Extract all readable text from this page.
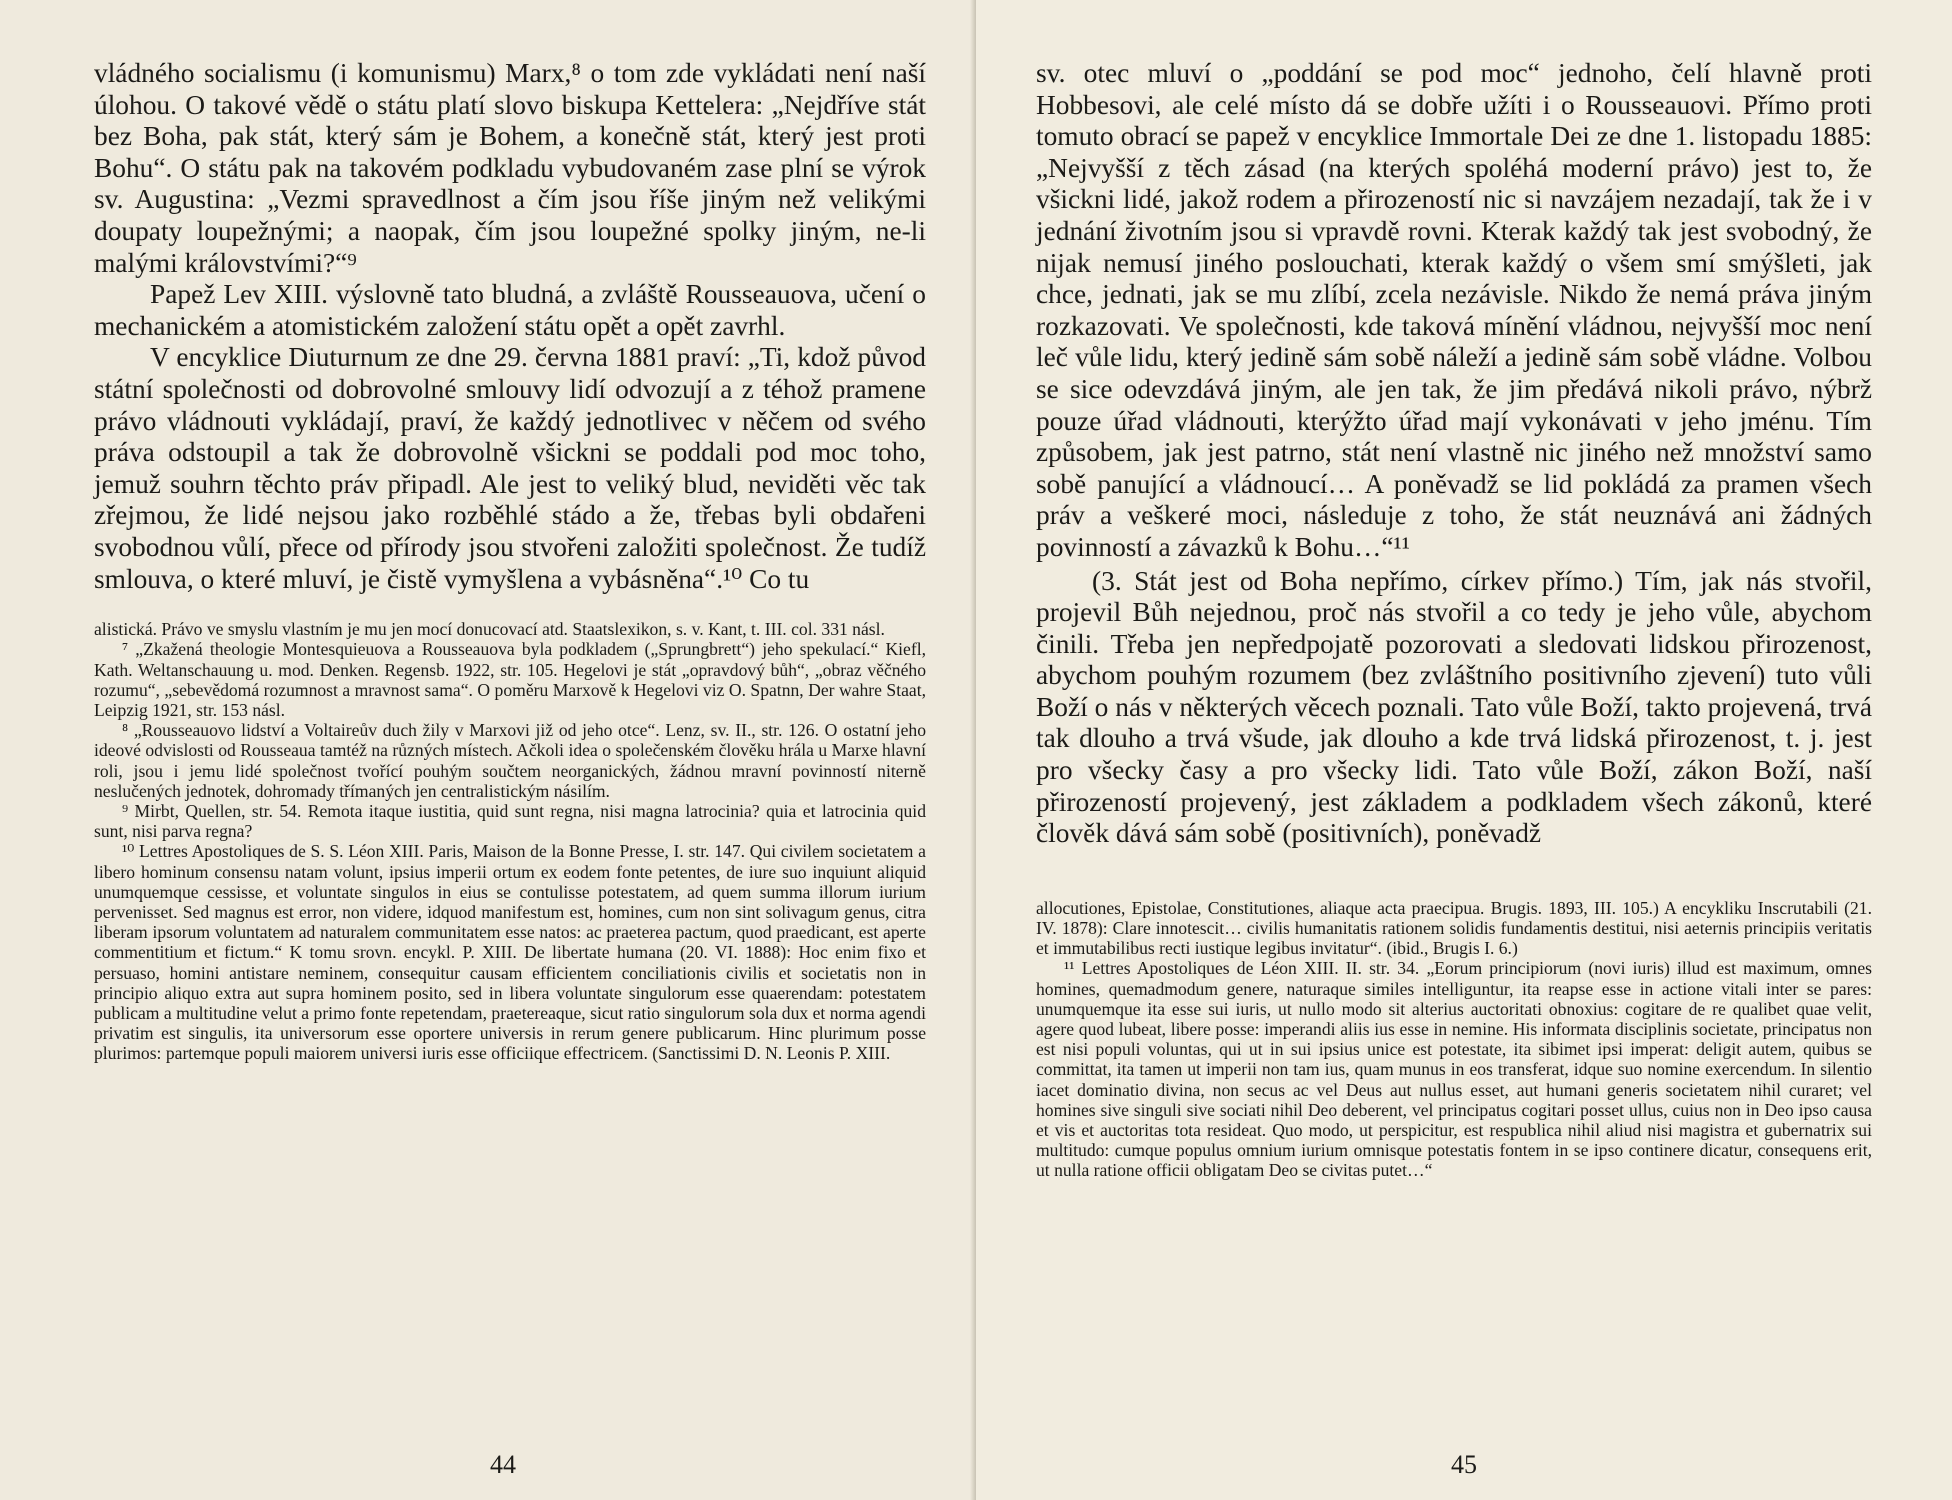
vládného socialismu (i komunismu) Marx,⁸ o tom zde vykládati není naší úlohou. O takové vědě o státu platí slovo biskupa Kettelera: „Nejdříve stát bez Boha, pak stát, který sám je Bohem, a konečně stát, který jest proti Bohu“. O státu pak na takovém podkladu vybudovaném zase plní se výrok sv. Augustina: „Vezmi spravedlnost a čím jsou říše jiným než velikými doupaty loupežnými; a naopak, čím jsou loupežné spolky jiným, ne-li malými královstvími?“⁹

Papež Lev XIII. výslovně tato bludná, a zvláště Rousseauova, učení o mechanickém a atomistickém založení státu opět a opět zavrhl.

V encyklice Diuturnum ze dne 29. června 1881 praví: „Ti, kdož původ státní společnosti od dobrovolné smlouvy lidí odvozují a z téhož pramene právo vládnouti vykládají, praví, že každý jednotlivec v něčem od svého práva odstoupil a tak že dobrovolně všickni se poddali pod moc toho, jemuž souhrn těchto práv připadl. Ale jest to veliký blud, neviděti věc tak zřejmou, že lidé nejsou jako rozběhlé stádo a že, třebas byli obdařeni svobodnou vůlí, přece od přírody jsou stvořeni založiti společnost. Že tudíž smlouva, o které mluví, je čistě vymyšlena a vybásněna“.¹⁰ Co tu

alistická. Právo ve smyslu vlastním je mu jen mocí donucovací atd. Staatslexikon, s. v. Kant, t. III. col. 331 násl.

⁷ „Zkažená theologie Montesquieuova a Rousseauova byla podkladem („Sprungbrett“) jeho spekulací.“ Kiefl, Kath. Weltanschauung u. mod. Denken. Regensb. 1922, str. 105. Hegelovi je stát „opravdový bůh“, „obraz věčného rozumu“, „sebevědomá rozumnost a mravnost sama“. O poměru Marxově k Hegelovi viz O. Spatnn, Der wahre Staat, Leipzig 1921, str. 153 násl.

⁸ „Rousseauovo lidství a Voltaireův duch žily v Marxovi již od jeho otce“. Lenz, sv. II., str. 126. O ostatní jeho ideové odvislosti od Rousseaua tamtéž na různých místech. Ačkoli idea o společenském člověku hrála u Marxe hlavní roli, jsou i jemu lidé společnost tvořící pouhým součtem neorganických, žádnou mravní povinností niterně neslučených jednotek, dohromady třímaných jen centralistickým násilím.

⁹ Mirbt, Quellen, str. 54. Remota itaque iustitia, quid sunt regna, nisi magna latrocinia? quia et latrocinia quid sunt, nisi parva regna?

¹⁰ Lettres Apostoliques de S. S. Léon XIII. Paris, Maison de la Bonne Presse, I. str. 147. Qui civilem societatem a libero hominum consensu natam volunt, ipsius imperii ortum ex eodem fonte petentes, de iure suo inquiunt aliquid unumquemque cessisse, et voluntate singulos in eius se contulisse potestatem, ad quem summa illorum iurium pervenisset. Sed magnus est error, non videre, idquod manifestum est, homines, cum non sint solivagum genus, citra liberam ipsorum voluntatem ad naturalem communitatem esse natos: ac praeterea pactum, quod praedicant, est aperte commentitium et fictum.“ K tomu srovn. encykl. P. XIII. De libertate humana (20. VI. 1888): Hoc enim fixo et persuaso, homini antistare neminem, consequitur causam efficientem conciliationis civilis et societatis non in principio aliquo extra aut supra hominem posito, sed in libera voluntate singulorum esse quaerendam: potestatem publicam a multitudine velut a primo fonte repetendam, praetereaque, sicut ratio singulorum sola dux et norma agendi privatim est singulis, ita universorum esse oportere universis in rerum genere publicarum. Hinc plurimum posse plurimos: partemque populi maiorem universi iuris esse officiique effectricem. (Sanctissimi D. N. Leonis P. XIII.

44

sv. otec mluví o „poddání se pod moc“ jednoho, čelí hlavně proti Hobbesovi, ale celé místo dá se dobře užíti i o Rousseauovi. Přímo proti tomuto obrací se papež v encyklice Immortale Dei ze dne 1. listopadu 1885: „Nejvyšší z těch zásad (na kterých spoléhá moderní právo) jest to, že všickni lidé, jakož rodem a přirozeností nic si navzájem nezadají, tak že i v jednání životním jsou si vpravdě rovni. Kterak každý tak jest svobodný, že nijak nemusí jiného poslouchati, kterak každý o všem smí smýšleti, jak chce, jednati, jak se mu zlíbí, zcela nezávisle. Nikdo že nemá práva jiným rozkazovati. Ve společnosti, kde taková mínění vládnou, nejvyšší moc není leč vůle lidu, který jedině sám sobě náleží a jedině sám sobě vládne. Volbou se sice odevzdává jiným, ale jen tak, že jim předává nikoli právo, nýbrž pouze úřad vládnouti, kterýžto úřad mají vykonávati v jeho jménu. Tím způsobem, jak jest patrno, stát není vlastně nic jiného než množství samo sobě panující a vládnoucí… A poněvadž se lid pokládá za pramen všech práv a veškeré moci, následuje z toho, že stát neuznává ani žádných povinností a závazků k Bohu…“¹¹

(3. Stát jest od Boha nepřímo, církev přímo.) Tím, jak nás stvořil, projevil Bůh nejednou, proč nás stvořil a co tedy je jeho vůle, abychom činili. Třeba jen nepředpojatě pozorovati a sledovati lidskou přirozenost, abychom pouhým rozumem (bez zvláštního positivního zjevení) tuto vůli Boží o nás v některých věcech poznali. Tato vůle Boží, takto projevená, trvá tak dlouho a trvá všude, jak dlouho a kde trvá lidská přirozenost, t. j. jest pro všecky časy a pro všecky lidi. Tato vůle Boží, zákon Boží, naší přirozeností projevený, jest základem a podkladem všech zákonů, které člověk dává sám sobě (positivních), poněvadž

allocutiones, Epistolae, Constitutiones, aliaque acta praecipua. Brugis. 1893, III. 105.) A encykliku Inscrutabili (21. IV. 1878): Clare innotescit… civilis humanitatis rationem solidis fundamentis destitui, nisi aeternis principiis veritatis et immutabilibus recti iustique legibus invitatur“. (ibid., Brugis I. 6.)

¹¹ Lettres Apostoliques de Léon XIII. II. str. 34. „Eorum principiorum (novi iuris) illud est maximum, omnes homines, quemadmodum genere, naturaque similes intelliguntur, ita reapse esse in actione vitali inter se pares: unumquemque ita esse sui iuris, ut nullo modo sit alterius auctoritati obnoxius: cogitare de re qualibet quae velit, agere quod lubeat, libere posse: imperandi aliis ius esse in nemine. His informata disciplinis societate, principatus non est nisi populi voluntas, qui ut in sui ipsius unice est potestate, ita sibimet ipsi imperat: deligit autem, quibus se committat, ita tamen ut imperii non tam ius, quam munus in eos transferat, idque suo nomine exercendum. In silentio iacet dominatio divina, non secus ac vel Deus aut nullus esset, aut humani generis societatem nihil curaret; vel homines sive singuli sive sociati nihil Deo deberent, vel principatus cogitari posset ullus, cuius non in Deo ipso causa et vis et auctoritas tota resideat. Quo modo, ut perspicitur, est respublica nihil aliud nisi magistra et gubernatrix sui multitudo: cumque populus omnium iurium omnisque potestatis fontem in se ipso continere dicatur, consequens erit, ut nulla ratione officii obligatam Deo se civitas putet…“

45
